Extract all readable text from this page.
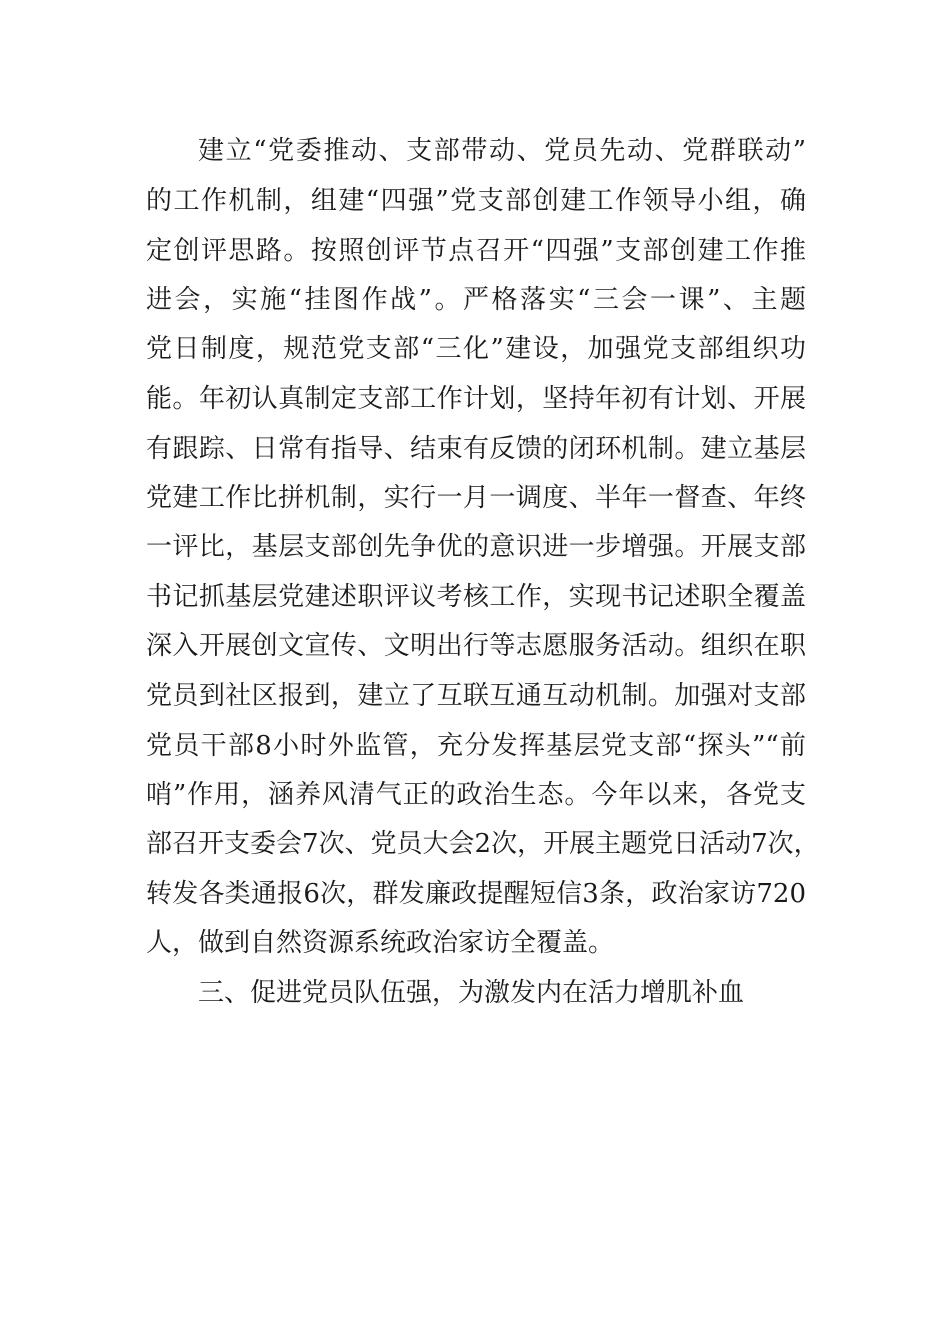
建立“党委推动、支部带动、党员先动、党群联动”
的工作机制，组建“四强”党支部创建工作领导小组，确
定创评思路。按照创评节点召开“四强”支部创建工作推
进会，实施“挂图作战”。严格落实“三会一课”、主题
党日制度，规范党支部“三化”建设，加强党支部组织功
能。年初认真制定支部工作计划，坚持年初有计划、开展
有跟踪、日常有指导、结束有反馈的闭环机制。建立基层
党建工作比拼机制，实行一月一调度、半年一督查、年终
一评比，基层支部创先争优的意识进一步增强。开展支部
书记抓基层党建述职评议考核工作，实现书记述职全覆盖
深入开展创文宣传、文明出行等志愿服务活动。组织在职
党员到社区报到，建立了互联互通互动机制。加强对支部
党员干部8小时外监管，充分发挥基层党支部“探头”“前
哨”作用，涵养风清气正的政治生态。今年以来，各党支
部召开支委会7次、党员大会2次，开展主题党日活动7次，
转发各类通报6次，群发廉政提醒短信3条，政治家访720
人，做到自然资源系统政治家访全覆盖。
三、促进党员队伍强，为激发内在活力增肌补血
